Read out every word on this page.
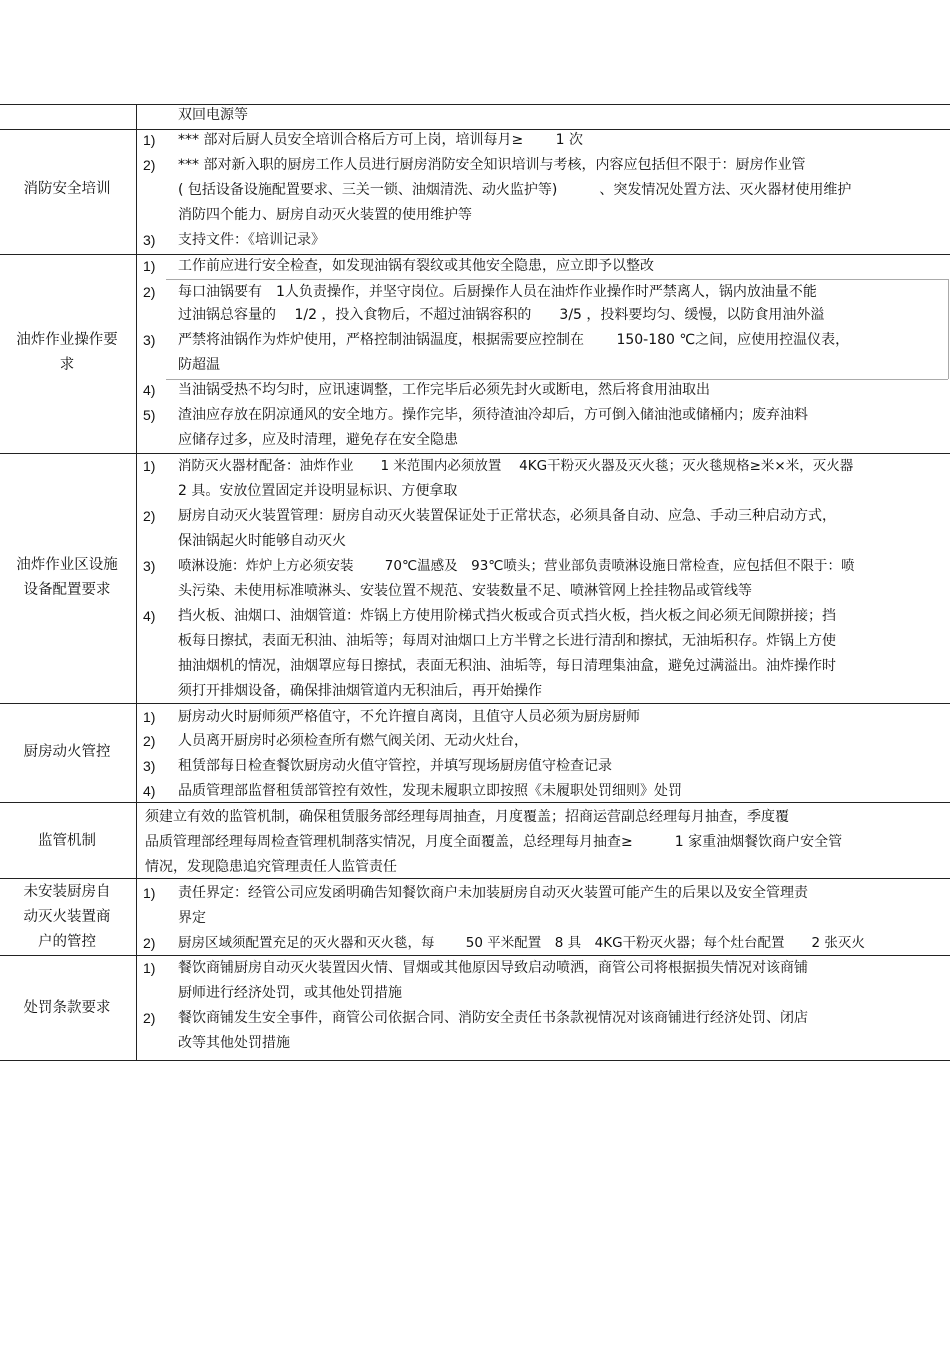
双回电源等
消防安全培训
1) *** 部对后厨人员安全培训合格后方可上岗，培训每月≥　　 1 次
2) *** 部对新入职的厨房工作人员进行厨房消防安全知识培训与考核，内容应包括但不限于：厨房作业管
( 包括设备设施配置要求、三关一锁、油烟清洗、动火监护等)　　　、突发情况处置方法、灭火器材使用维护
消防四个能力、厨房自动灭火装置的使用维护等
3) 支持文件：《培训记录》
油炸作业操作要
求
1) 工作前应进行安全检查，如发现油锅有裂纹或其他安全隐患，应立即予以整改
2) 每口油锅要有　1人负责操作，并坚守岗位。后厨操作人员在油炸作业操作时严禁离人，锅内放油量不能
过油锅总容量的　 1/2 ，投入食物后，不超过油锅容积的　　3/5 ，投料要均匀、缓慢，以防食用油外溢
3) 严禁将油锅作为炸炉使用，严格控制油锅温度，根据需要应控制在　　 150-180 ℃之间，应使用控温仪表，
防超温
4) 当油锅受热不均匀时，应讯速调整，工作完毕后必须先封火或断电，然后将食用油取出
5) 渣油应存放在阴凉通风的安全地方。操作完毕，须待渣油冷却后，方可倒入储油池或储桶内；废弃油料
应储存过多，应及时清理，避免存在安全隐患
油炸作业区设施
设备配置要求
1) 消防灭火器材配备：油炸作业　　1 米范围内必须放置　 4KG干粉灭火器及灭火毯；灭火毯规格≥米×米，灭火器
2 具。安放位置固定并设明显标识、方便拿取
2) 厨房自动灭火装置管理：厨房自动灭火装置保证处于正常状态，必须具备自动、应急、手动三种启动方式，
保油锅起火时能够自动灭火
3) 喷淋设施：炸炉上方必须安装　　 70℃温感及　93℃喷头；营业部负责喷淋设施日常检查，应包括但不限于：喷
头污染、未使用标准喷淋头、安装位置不规范、安装数量不足、喷淋管网上拴挂物品或管线等
4) 挡火板、油烟口、油烟管道：炸锅上方使用阶梯式挡火板或合页式挡火板，挡火板之间必须无间隙拼接；挡
板每日擦拭，表面无积油、油垢等；每周对油烟口上方半臂之长进行清刮和擦拭，无油垢积存。炸锅上方使
抽油烟机的情况，油烟罩应每日擦拭，表面无积油、油垢等，每日清理集油盒，避免过满溢出。油炸操作时
须打开排烟设备，确保排油烟管道内无积油后，再开始操作
厨房动火管控
1) 厨房动火时厨师须严格值守，不允许擅自离岗，且值守人员必须为厨房厨师
2) 人员离开厨房时必须检查所有燃气阀关闭、无动火灶台，
3) 租赁部每日检查餐饮厨房动火值守管控，并填写现场厨房值守检查记录
4) 品质管理部监督租赁部管控有效性，发现未履职立即按照《未履职处罚细则》处罚
监管机制
须建立有效的监管机制，确保租赁服务部经理每周抽查，月度覆盖；招商运营副总经理每月抽查，季度覆
品质管理部经理每周检查管理机制落实情况，月度全面覆盖，总经理每月抽查≥　　　1 家重油烟餐饮商户安全管
情况，发现隐患追究管理责任人监管责任
未安装厨房自
动灭火装置商
户的管控
1) 责任界定：经管公司应发函明确告知餐饮商户未加装厨房自动灭火装置可能产生的后果以及安全管理责
界定
2) 厨房区域须配置充足的灭火器和灭火毯，每　　 50 平米配置　8 具　4KG干粉灭火器；每个灶台配置　　2 张灭火
处罚条款要求
1) 餐饮商铺厨房自动灭火装置因火情、冒烟或其他原因导致启动喷洒，商管公司将根据损失情况对该商铺
厨师进行经济处罚，或其他处罚措施
2) 餐饮商铺发生安全事件，商管公司依据合同、消防安全责任书条款视情况对该商铺进行经济处罚、闭店
改等其他处罚措施
